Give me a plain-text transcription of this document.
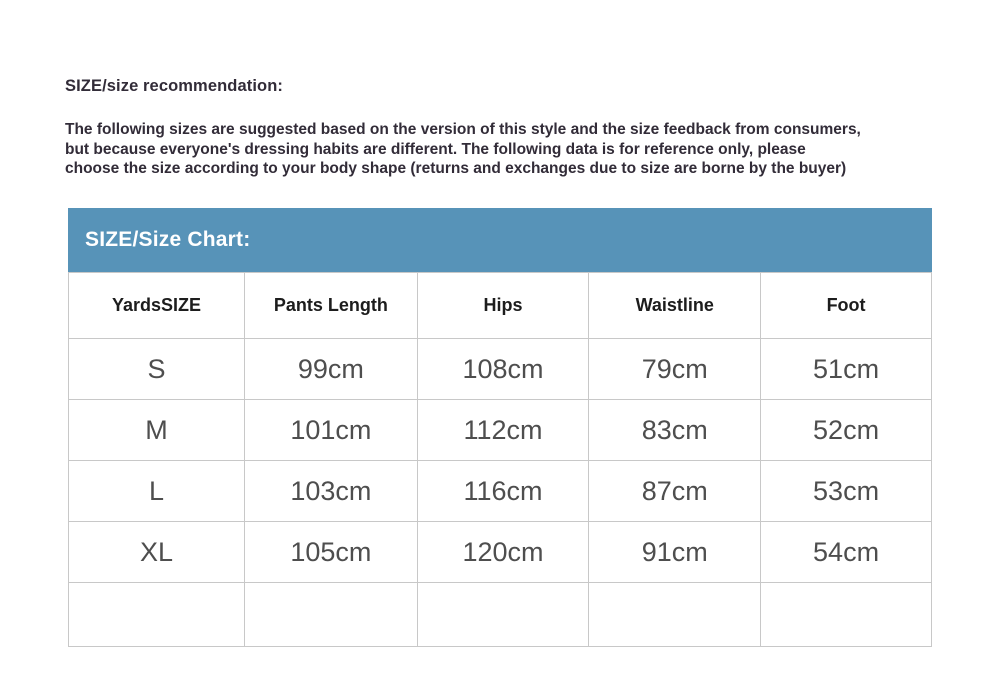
SIZE/size recommendation:
The following sizes are suggested based on the version of this style and the size feedback from consumers,
but because everyone's dressing habits are different. The following data is for reference only, please
choose the size according to your body shape (returns and exchanges due to size are borne by the buyer)
SIZE/Size Chart:
YardsSIZE	Pants Length	Hips	Waistline	Foot
S	99cm	108cm	79cm	51cm
M	101cm	112cm	83cm	52cm
L	103cm	116cm	87cm	53cm
XL	105cm	120cm	91cm	54cm
